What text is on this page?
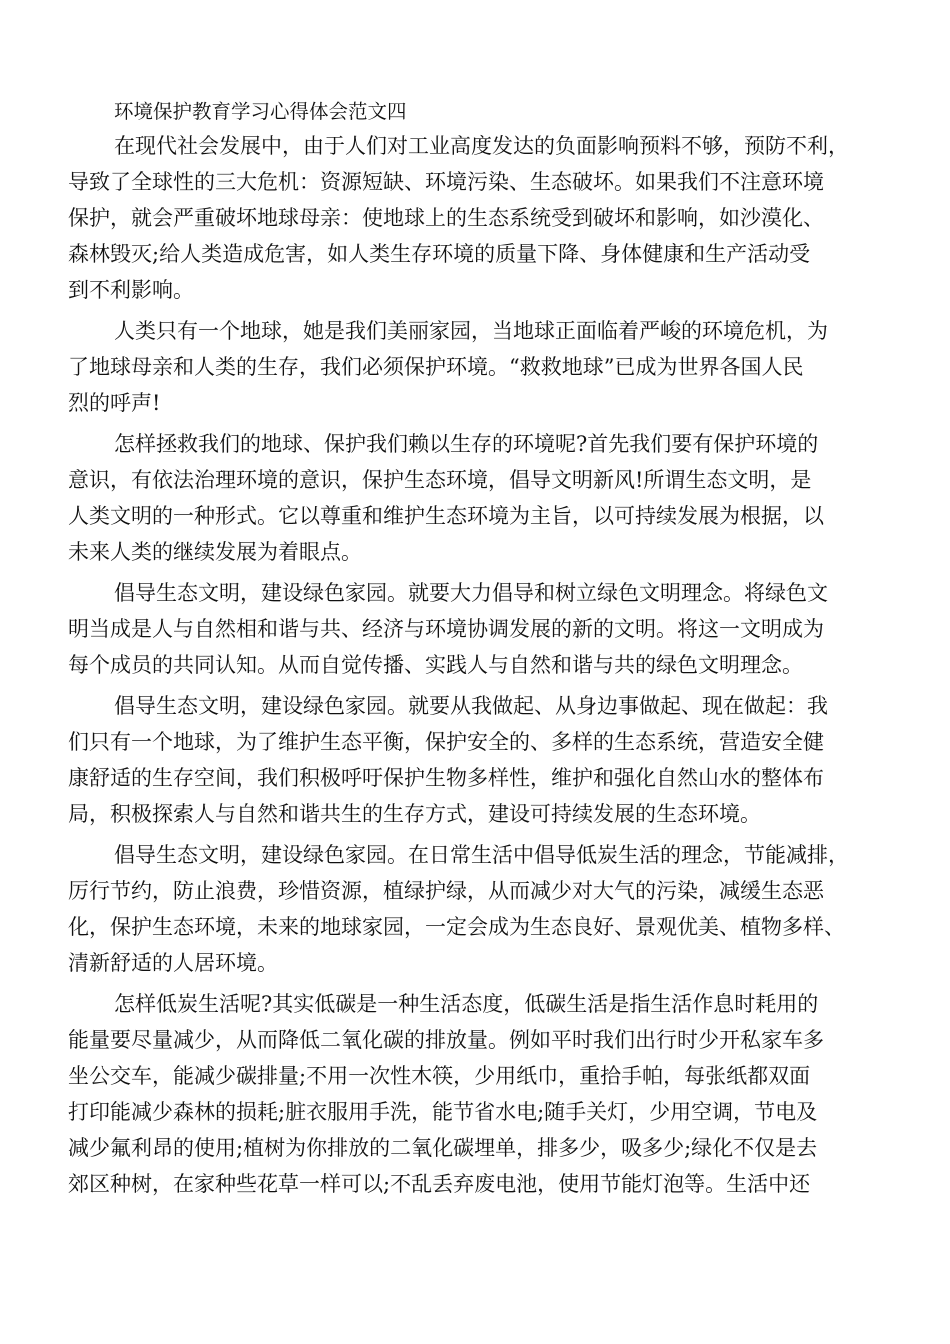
环境保护教育学习心得体会范文四
在现代社会发展中，由于人们对工业高度发达的负面影响预料不够，预防不利，
导致了全球性的三大危机：资源短缺、环境污染、生态破坏。如果我们不注意环境
保护，就会严重破坏地球母亲：使地球上的生态系统受到破坏和影响，如沙漠化、
森林毁灭;给人类造成危害，如人类生存环境的质量下降、身体健康和生产活动受
到不利影响。
人类只有一个地球，她是我们美丽家园，当地球正面临着严峻的环境危机，为
了地球母亲和人类的生存，我们必须保护环境。“救救地球”已成为世界各国人民
烈的呼声!
怎样拯救我们的地球、保护我们赖以生存的环境呢?首先我们要有保护环境的
意识，有依法治理环境的意识，保护生态环境，倡导文明新风!所谓生态文明，是
人类文明的一种形式。它以尊重和维护生态环境为主旨，以可持续发展为根据，以
未来人类的继续发展为着眼点。
倡导生态文明，建设绿色家园。就要大力倡导和树立绿色文明理念。将绿色文
明当成是人与自然相和谐与共、经济与环境协调发展的新的文明。将这一文明成为
每个成员的共同认知。从而自觉传播、实践人与自然和谐与共的绿色文明理念。
倡导生态文明，建设绿色家园。就要从我做起、从身边事做起、现在做起：我
们只有一个地球，为了维护生态平衡，保护安全的、多样的生态系统，营造安全健
康舒适的生存空间，我们积极呼吁保护生物多样性，维护和强化自然山水的整体布
局，积极探索人与自然和谐共生的生存方式，建设可持续发展的生态环境。
倡导生态文明，建设绿色家园。在日常生活中倡导低炭生活的理念，节能减排，
厉行节约，防止浪费，珍惜资源，植绿护绿，从而减少对大气的污染，减缓生态恶
化，保护生态环境，未来的地球家园，一定会成为生态良好、景观优美、植物多样、
清新舒适的人居环境。
怎样低炭生活呢?其实低碳是一种生活态度，低碳生活是指生活作息时耗用的
能量要尽量减少，从而降低二氧化碳的排放量。例如平时我们出行时少开私家车多
坐公交车，能减少碳排量;不用一次性木筷，少用纸巾，重拾手帕，每张纸都双面
打印能减少森林的损耗;脏衣服用手洗，能节省水电;随手关灯，少用空调，节电及
减少氟利昂的使用;植树为你排放的二氧化碳埋单，排多少，吸多少;绿化不仅是去
郊区种树，在家种些花草一样可以;不乱丢弃废电池，使用节能灯泡等。生活中还
